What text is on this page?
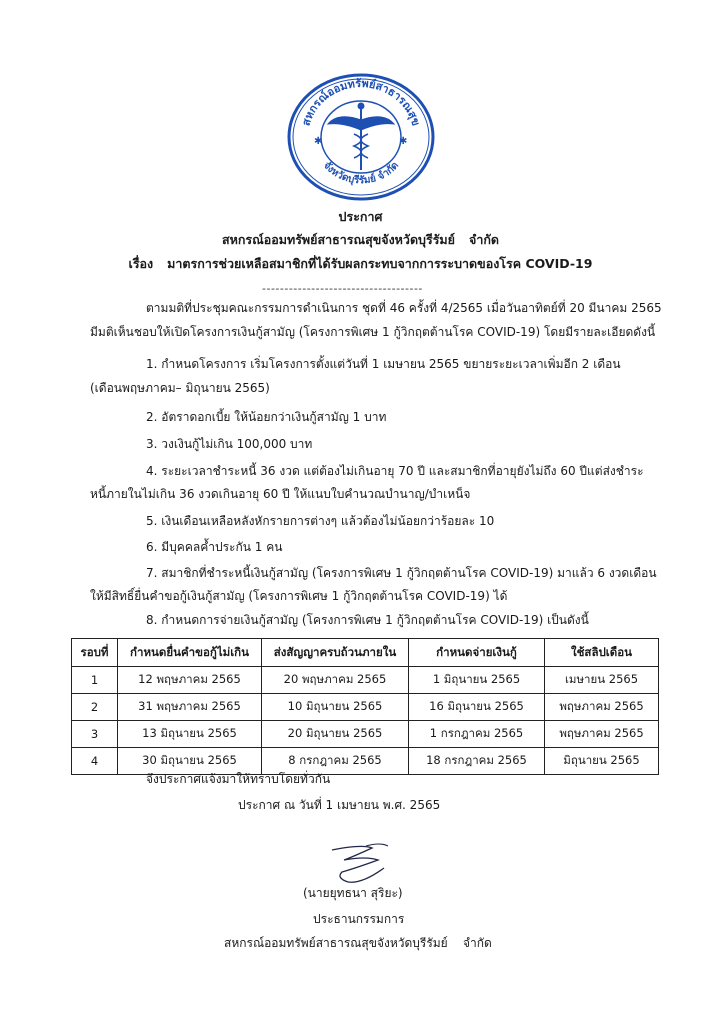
สหกรณ์ออมทรัพย์สาธารณสุข
จังหวัดบุรีรัมย์ จำกัด
✱	✱
ประกาศ
สหกรณ์ออมทรัพย์สาธารณสุขจังหวัดบุรีรัมย์ จำกัด
เรื่อง มาตรการช่วยเหลือสมาชิกที่ได้รับผลกระทบจากการระบาดของโรค COVID-19
------------------------------------
ตามมติที่ประชุมคณะกรรมการดำเนินการ ชุดที่ 46 ครั้งที่ 4/2565 เมื่อวันอาทิตย์ที่ 20 มีนาคม 2565
มีมติเห็นชอบให้เปิดโครงการเงินกู้สามัญ (โครงการพิเศษ 1 กู้วิกฤตต้านโรค COVID-19) โดยมีรายละเอียดดังนี้
1. กำหนดโครงการ เริ่มโครงการตั้งแต่วันที่ 1 เมษายน 2565 ขยายระยะเวลาเพิ่มอีก 2 เดือน
(เดือนพฤษภาคม– มิถุนายน 2565)
2. อัตราดอกเบี้ย ให้น้อยกว่าเงินกู้สามัญ 1 บาท
3. วงเงินกู้ไม่เกิน 100,000 บาท
4. ระยะเวลาชำระหนี้ 36 งวด แต่ต้องไม่เกินอายุ 70 ปี และสมาชิกที่อายุยังไม่ถึง 60 ปีแต่ส่งชำระ
หนี้ภายในไม่เกิน 36 งวดเกินอายุ 60 ปี ให้แนบใบคำนวณบำนาญ/บำเหน็จ
5. เงินเดือนเหลือหลังหักรายการต่างๆ แล้วต้องไม่น้อยกว่าร้อยละ 10
6. มีบุคคลค้ำประกัน 1 คน
7. สมาชิกที่ชำระหนี้เงินกู้สามัญ (โครงการพิเศษ 1 กู้วิกฤตต้านโรค COVID-19) มาแล้ว 6 งวดเดือน
ให้มีสิทธิ์ยื่นคำขอกู้เงินกู้สามัญ (โครงการพิเศษ 1 กู้วิกฤตต้านโรค COVID-19) ได้
8. กำหนดการจ่ายเงินกู้สามัญ (โครงการพิเศษ 1 กู้วิกฤตต้านโรค COVID-19) เป็นดังนี้
รอบที่	กำหนดยื่นคำขอกู้ไม่เกิน	ส่งสัญญาครบถ้วนภายใน	กำหนดจ่ายเงินกู้	ใช้สลิปเดือน
1	12 พฤษภาคม 2565	20 พฤษภาคม 2565	1 มิถุนายน 2565	เมษายน 2565
2	31 พฤษภาคม 2565	10 มิถุนายน 2565	16 มิถุนายน 2565	พฤษภาคม 2565
3	13 มิถุนายน 2565	20 มิถุนายน 2565	1 กรกฎาคม 2565	พฤษภาคม 2565
4	30 มิถุนายน 2565	8 กรกฎาคม 2565	18 กรกฎาคม 2565	มิถุนายน 2565
จึงประกาศแจ้งมาให้ทราบโดยทั่วกัน
ประกาศ ณ วันที่ 1 เมษายน พ.ศ. 2565
(นายยุทธนา สุริยะ)
ประธานกรรมการ
สหกรณ์ออมทรัพย์สาธารณสุขจังหวัดบุรีรัมย์ จำกัด
